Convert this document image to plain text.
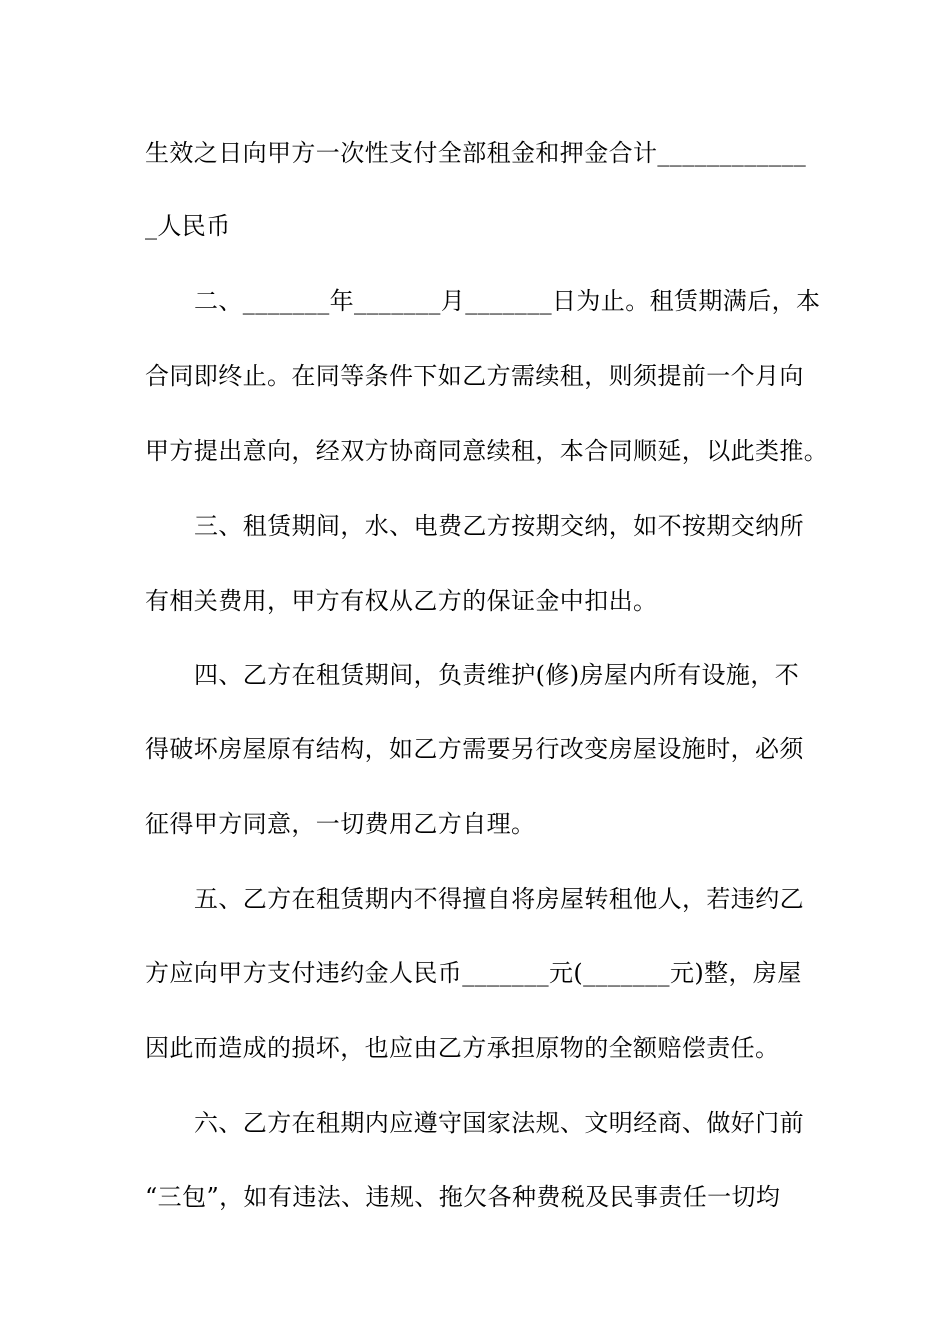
生效之日向甲方一次性支付全部租金和押金合计____________
_人民币
二、_______年_______月_______日为止。租赁期满后，本
合同即终止。在同等条件下如乙方需续租，则须提前一个月向
甲方提出意向，经双方协商同意续租，本合同顺延，以此类推。
三、租赁期间，水、电费乙方按期交纳，如不按期交纳所
有相关费用，甲方有权从乙方的保证金中扣出。
四、乙方在租赁期间，负责维护(修)房屋内所有设施，不
得破坏房屋原有结构，如乙方需要另行改变房屋设施时，必须
征得甲方同意，一切费用乙方自理。
五、乙方在租赁期内不得擅自将房屋转租他人，若违约乙
方应向甲方支付违约金人民币_______元(_______元)整，房屋
因此而造成的损坏，也应由乙方承担原物的全额赔偿责任。
六、乙方在租期内应遵守国家法规、文明经商、做好门前
“三包”，如有违法、违规、拖欠各种费税及民事责任一切均
